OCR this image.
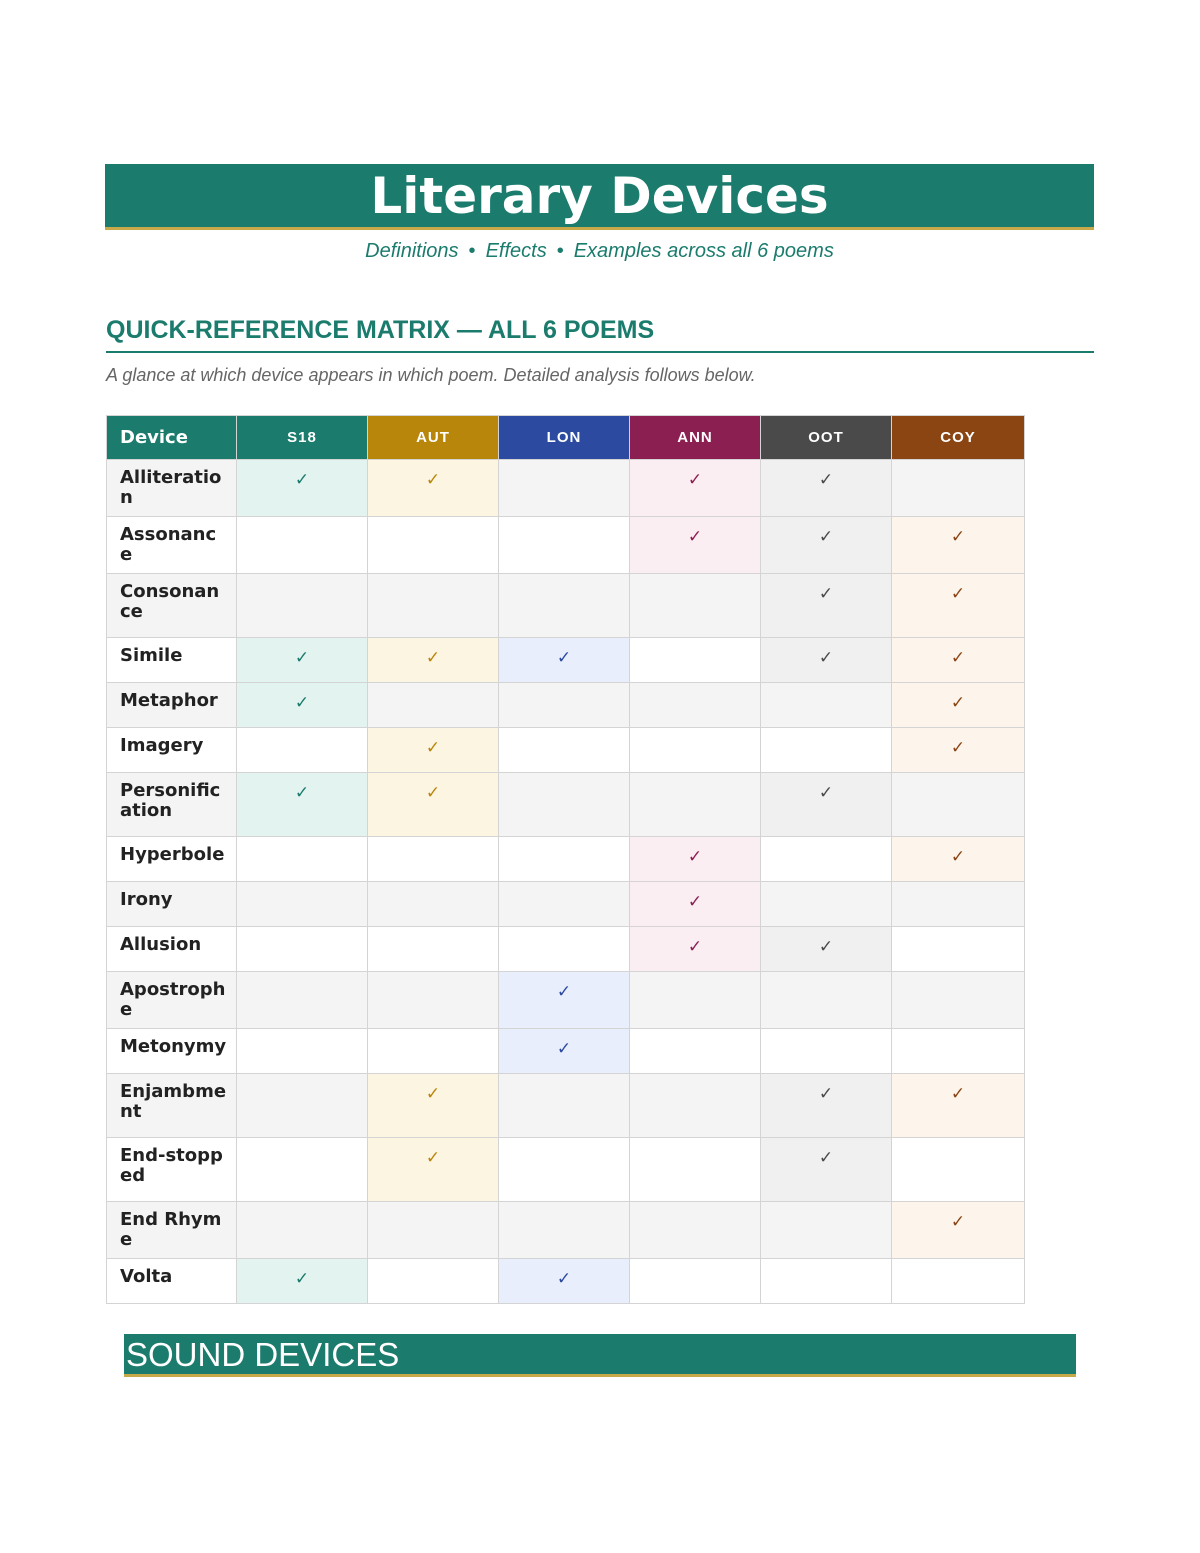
Literary Devices
Definitions • Effects • Examples across all 6 poems
QUICK-REFERENCE MATRIX — ALL 6 POEMS
A glance at which device appears in which poem. Detailed analysis follows below.
Device	S18	AUT	LON	ANN	OOT	COY
Alliteration	✓	✓		✓	✓	
Assonance				✓	✓	✓
Consonance					✓	✓
Simile	✓	✓	✓		✓	✓
Metaphor	✓					✓
Imagery		✓				✓
Personification	✓	✓			✓	
Hyperbole				✓		✓
Irony				✓		
Allusion				✓	✓	
Apostrophe			✓			
Metonymy			✓			
Enjambment		✓			✓	✓
End-stopped		✓			✓	
End Rhyme						✓
Volta	✓		✓			
SOUND DEVICES
